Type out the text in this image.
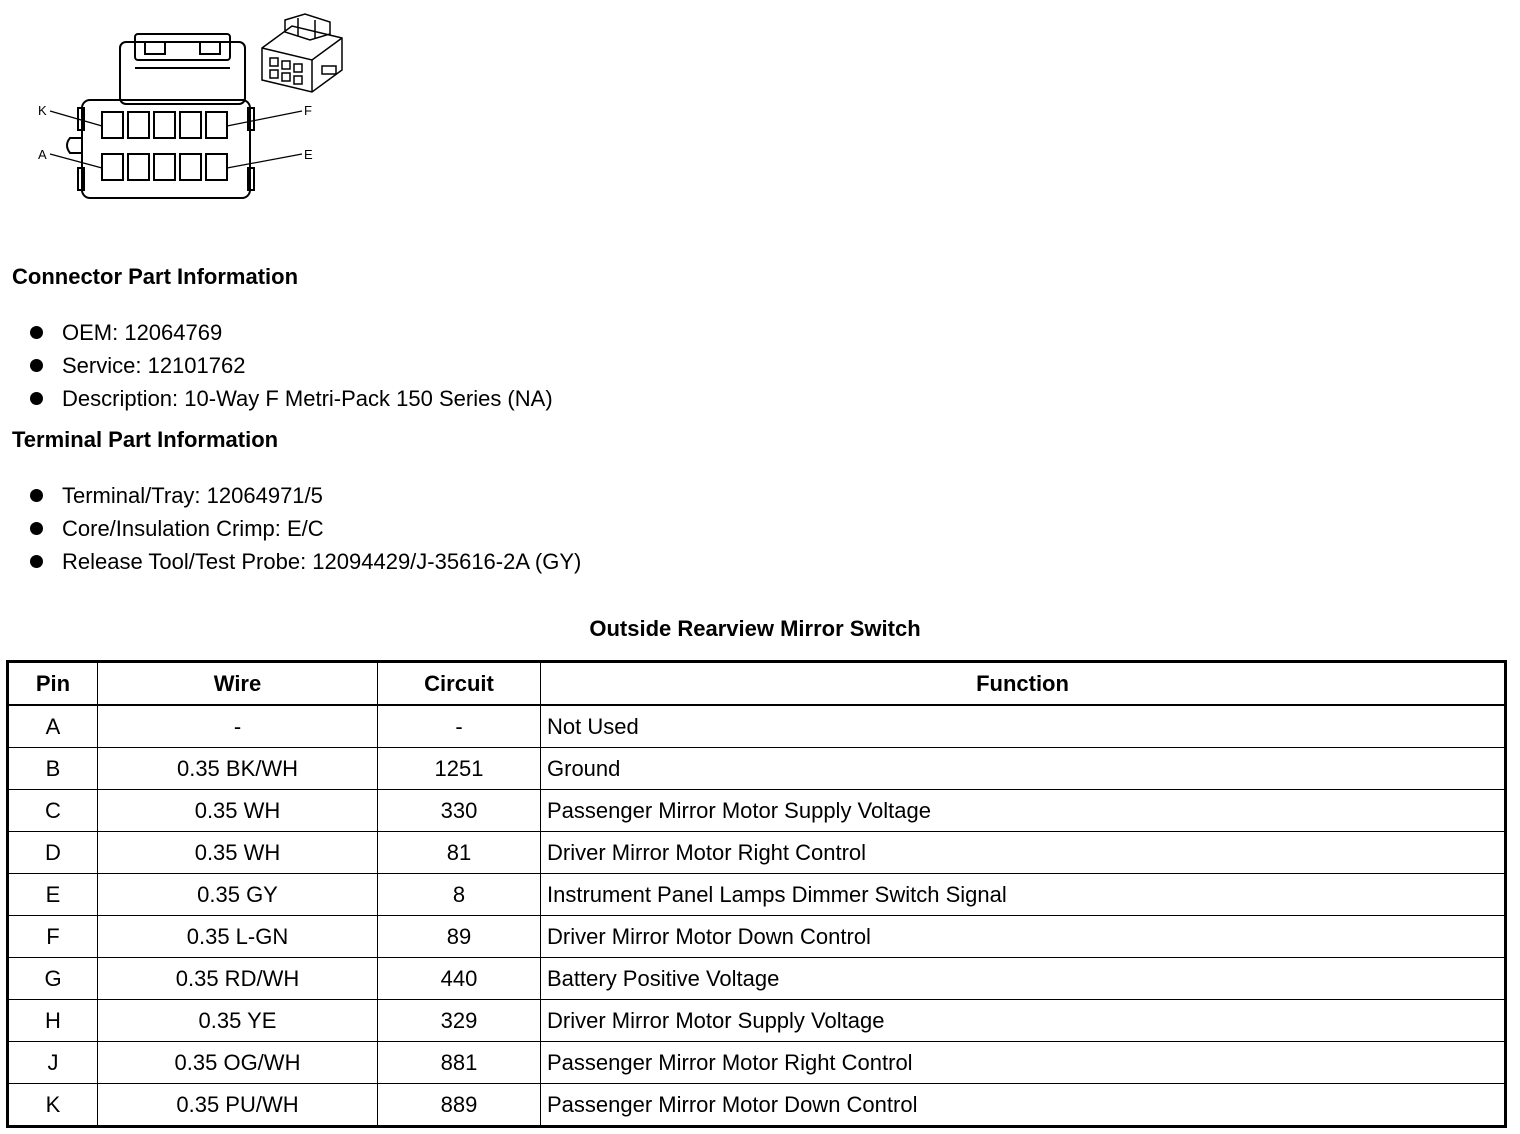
K
A
F
E
Connector Part Information
OEM: 12064769
Service: 12101762
Description: 10-Way F Metri-Pack 150 Series (NA)
Terminal Part Information
Terminal/Tray: 12064971/5
Core/Insulation Crimp: E/C
Release Tool/Test Probe: 12094429/J-35616-2A (GY)
Outside Rearview Mirror Switch
Pin	Wire	Circuit	Function
A	-	-	Not Used
B	0.35 BK/WH	1251	Ground
C	0.35 WH	330	Passenger Mirror Motor Supply Voltage
D	0.35 WH	81	Driver Mirror Motor Right Control
E	0.35 GY	8	Instrument Panel Lamps Dimmer Switch Signal
F	0.35 L-GN	89	Driver Mirror Motor Down Control
G	0.35 RD/WH	440	Battery Positive Voltage
H	0.35 YE	329	Driver Mirror Motor Supply Voltage
J	0.35 OG/WH	881	Passenger Mirror Motor Right Control
K	0.35 PU/WH	889	Passenger Mirror Motor Down Control
